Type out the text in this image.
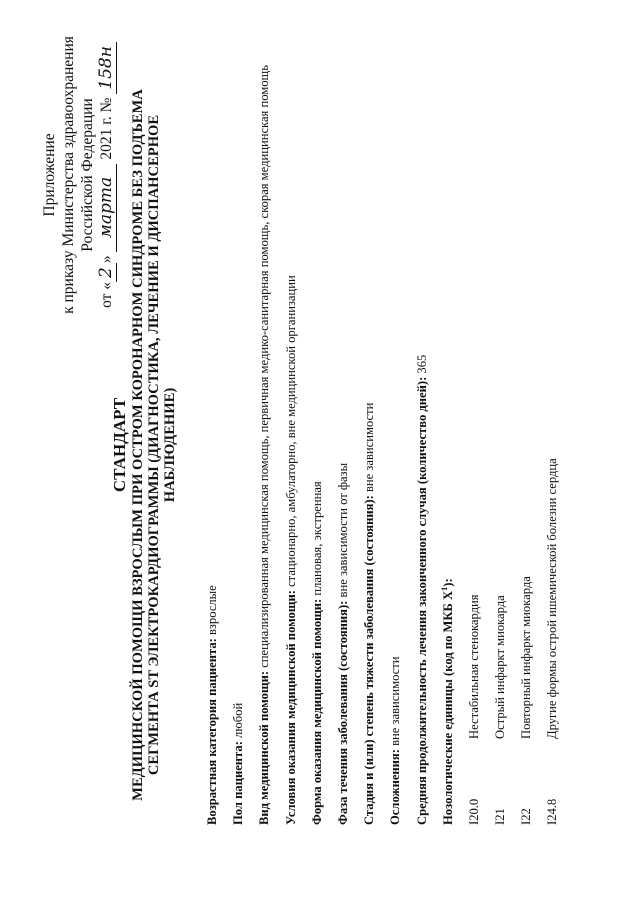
Приложение к приказу Министерства здравоохранения Российской Федерации
от «2» марта 2021 г. № 158н
СТАНДАРТ МЕДИЦИНСКОЙ ПОМОЩИ ВЗРОСЛЫМ ПРИ ОСТРОМ КОРОНАРНОМ СИНДРОМЕ БЕЗ ПОДЪЕМА СЕГМЕНТА ST ЭЛЕКТРОКАРДИОГРАММЫ (ДИАГНОСТИКА, ЛЕЧЕНИЕ И ДИСПАНСЕРНОЕ НАБЛЮДЕНИЕ)
Возрастная категория пациента: взрослые
Пол пациента: любой Вид медицинской помощи: специализированная медицинская помощь, первичная медико-санитарная помощь, скорая медицинская помощь
Условия оказания медицинской помощи: стационарно, амбулаторно, вне медицинской организации
Форма оказания медицинской помощи: плановая, экстренная
Фаза течения заболевания (состояния): вне зависимости от фазы Стадия и (или) степень тяжести заболевания (состояния): вне зависимости
Осложнения: вне зависимости Средняя продолжительность лечения законченного случая (количество дней): 365
Нозологические единицы (код по МКБ $X^1$):
I20.0
Нестабильная стенокардия
I21
Острый инфаркт миокарда
I22
Повторный инфаркт миокарда
I24.8
Другие формы острой ишемической болезни сердца
